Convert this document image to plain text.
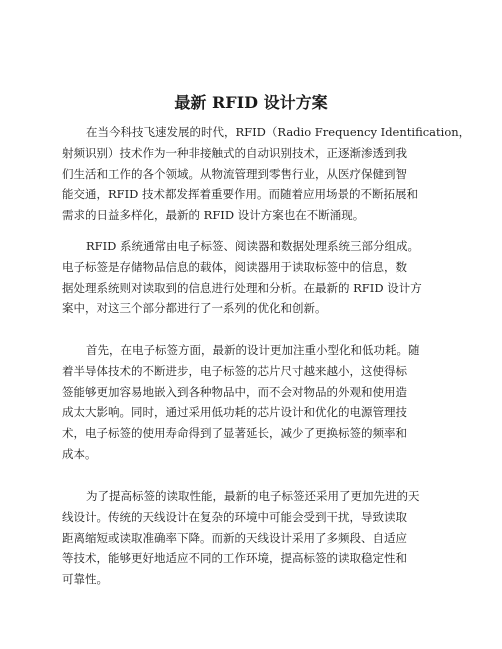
最新 RFID 设计方案
在当今科技飞速发展的时代，RFID（Radio Frequency Identification，
射频识别）技术作为一种非接触式的自动识别技术，正逐渐渗透到我
们生活和工作的各个领域。从物流管理到零售行业，从医疗保健到智
能交通，RFID 技术都发挥着重要作用。而随着应用场景的不断拓展和
需求的日益多样化，最新的 RFID 设计方案也在不断涌现。
RFID 系统通常由电子标签、阅读器和数据处理系统三部分组成。
电子标签是存储物品信息的载体，阅读器用于读取标签中的信息，数
据处理系统则对读取到的信息进行处理和分析。在最新的 RFID 设计方
案中，对这三个部分都进行了一系列的优化和创新。
首先，在电子标签方面，最新的设计更加注重小型化和低功耗。随
着半导体技术的不断进步，电子标签的芯片尺寸越来越小，这使得标
签能够更加容易地嵌入到各种物品中，而不会对物品的外观和使用造
成太大影响。同时，通过采用低功耗的芯片设计和优化的电源管理技
术，电子标签的使用寿命得到了显著延长，减少了更换标签的频率和
成本。
为了提高标签的读取性能，最新的电子标签还采用了更加先进的天
线设计。传统的天线设计在复杂的环境中可能会受到干扰，导致读取
距离缩短或读取准确率下降。而新的天线设计采用了多频段、自适应
等技术，能够更好地适应不同的工作环境，提高标签的读取稳定性和
可靠性。
